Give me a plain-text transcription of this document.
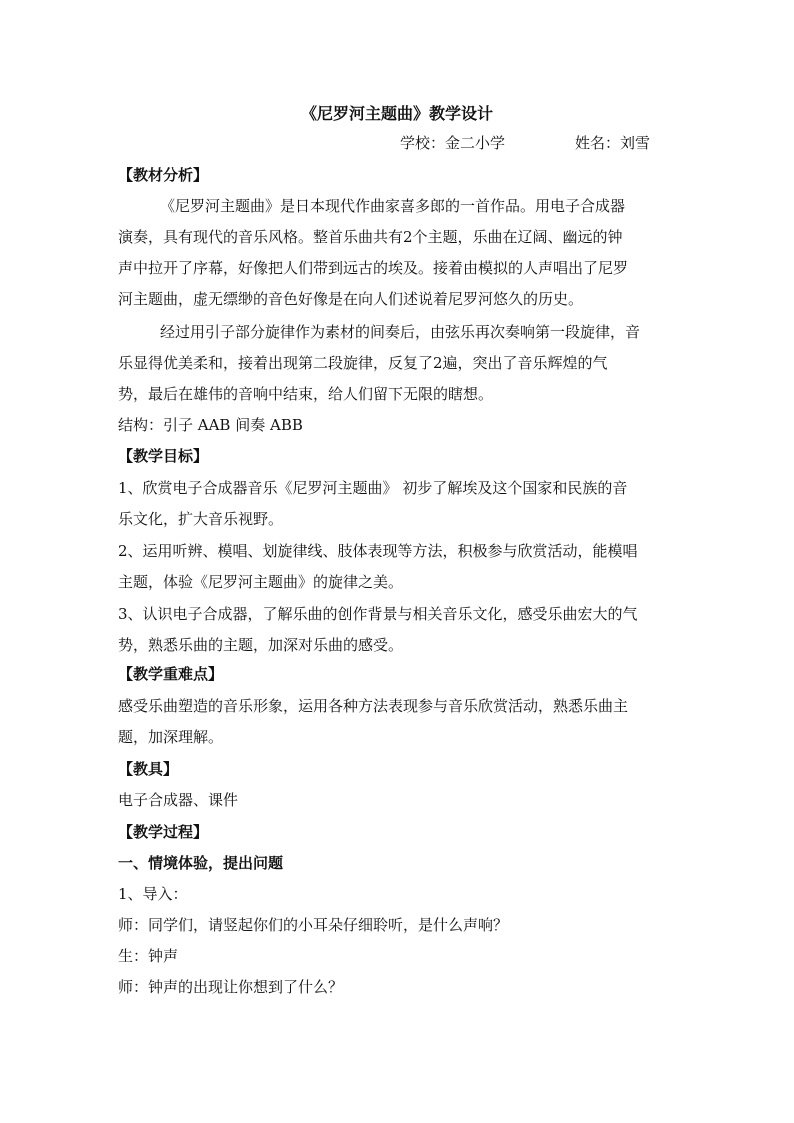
《尼罗河主题曲》教学设计
学校：金二小学	姓名：刘雪
【教材分析】
《尼罗河主题曲》是日本现代作曲家喜多郎的一首作品。用电子合成器
演奏，具有现代的音乐风格。整首乐曲共有2个主题，乐曲在辽阔、幽远的钟
声中拉开了序幕，好像把人们带到远古的埃及。接着由模拟的人声唱出了尼罗
河主题曲，虚无缥缈的音色好像是在向人们述说着尼罗河悠久的历史。
经过用引子部分旋律作为素材的间奏后，由弦乐再次奏响第一段旋律，音
乐显得优美柔和，接着出现第二段旋律，反复了2遍，突出了音乐辉煌的气
势，最后在雄伟的音响中结束，给人们留下无限的瞎想。
结构：引子 AAB 间奏 ABB
【教学目标】
1、欣赏电子合成器音乐《尼罗河主题曲》 初步了解埃及这个国家和民族的音
乐文化，扩大音乐视野。
2、运用听辨、模唱、划旋律线、肢体表现等方法，积极参与欣赏活动，能模唱
主题，体验《尼罗河主题曲》的旋律之美。
3、认识电子合成器，了解乐曲的创作背景与相关音乐文化，感受乐曲宏大的气
势，熟悉乐曲的主题，加深对乐曲的感受。
【教学重难点】
感受乐曲塑造的音乐形象，运用各种方法表现参与音乐欣赏活动，熟悉乐曲主
题，加深理解。
【教具】
电子合成器、课件
【教学过程】
一、情境体验，提出问题
1、导入：
师：同学们，请竖起你们的小耳朵仔细聆听，是什么声响？
生：钟声
师：钟声的出现让你想到了什么？
